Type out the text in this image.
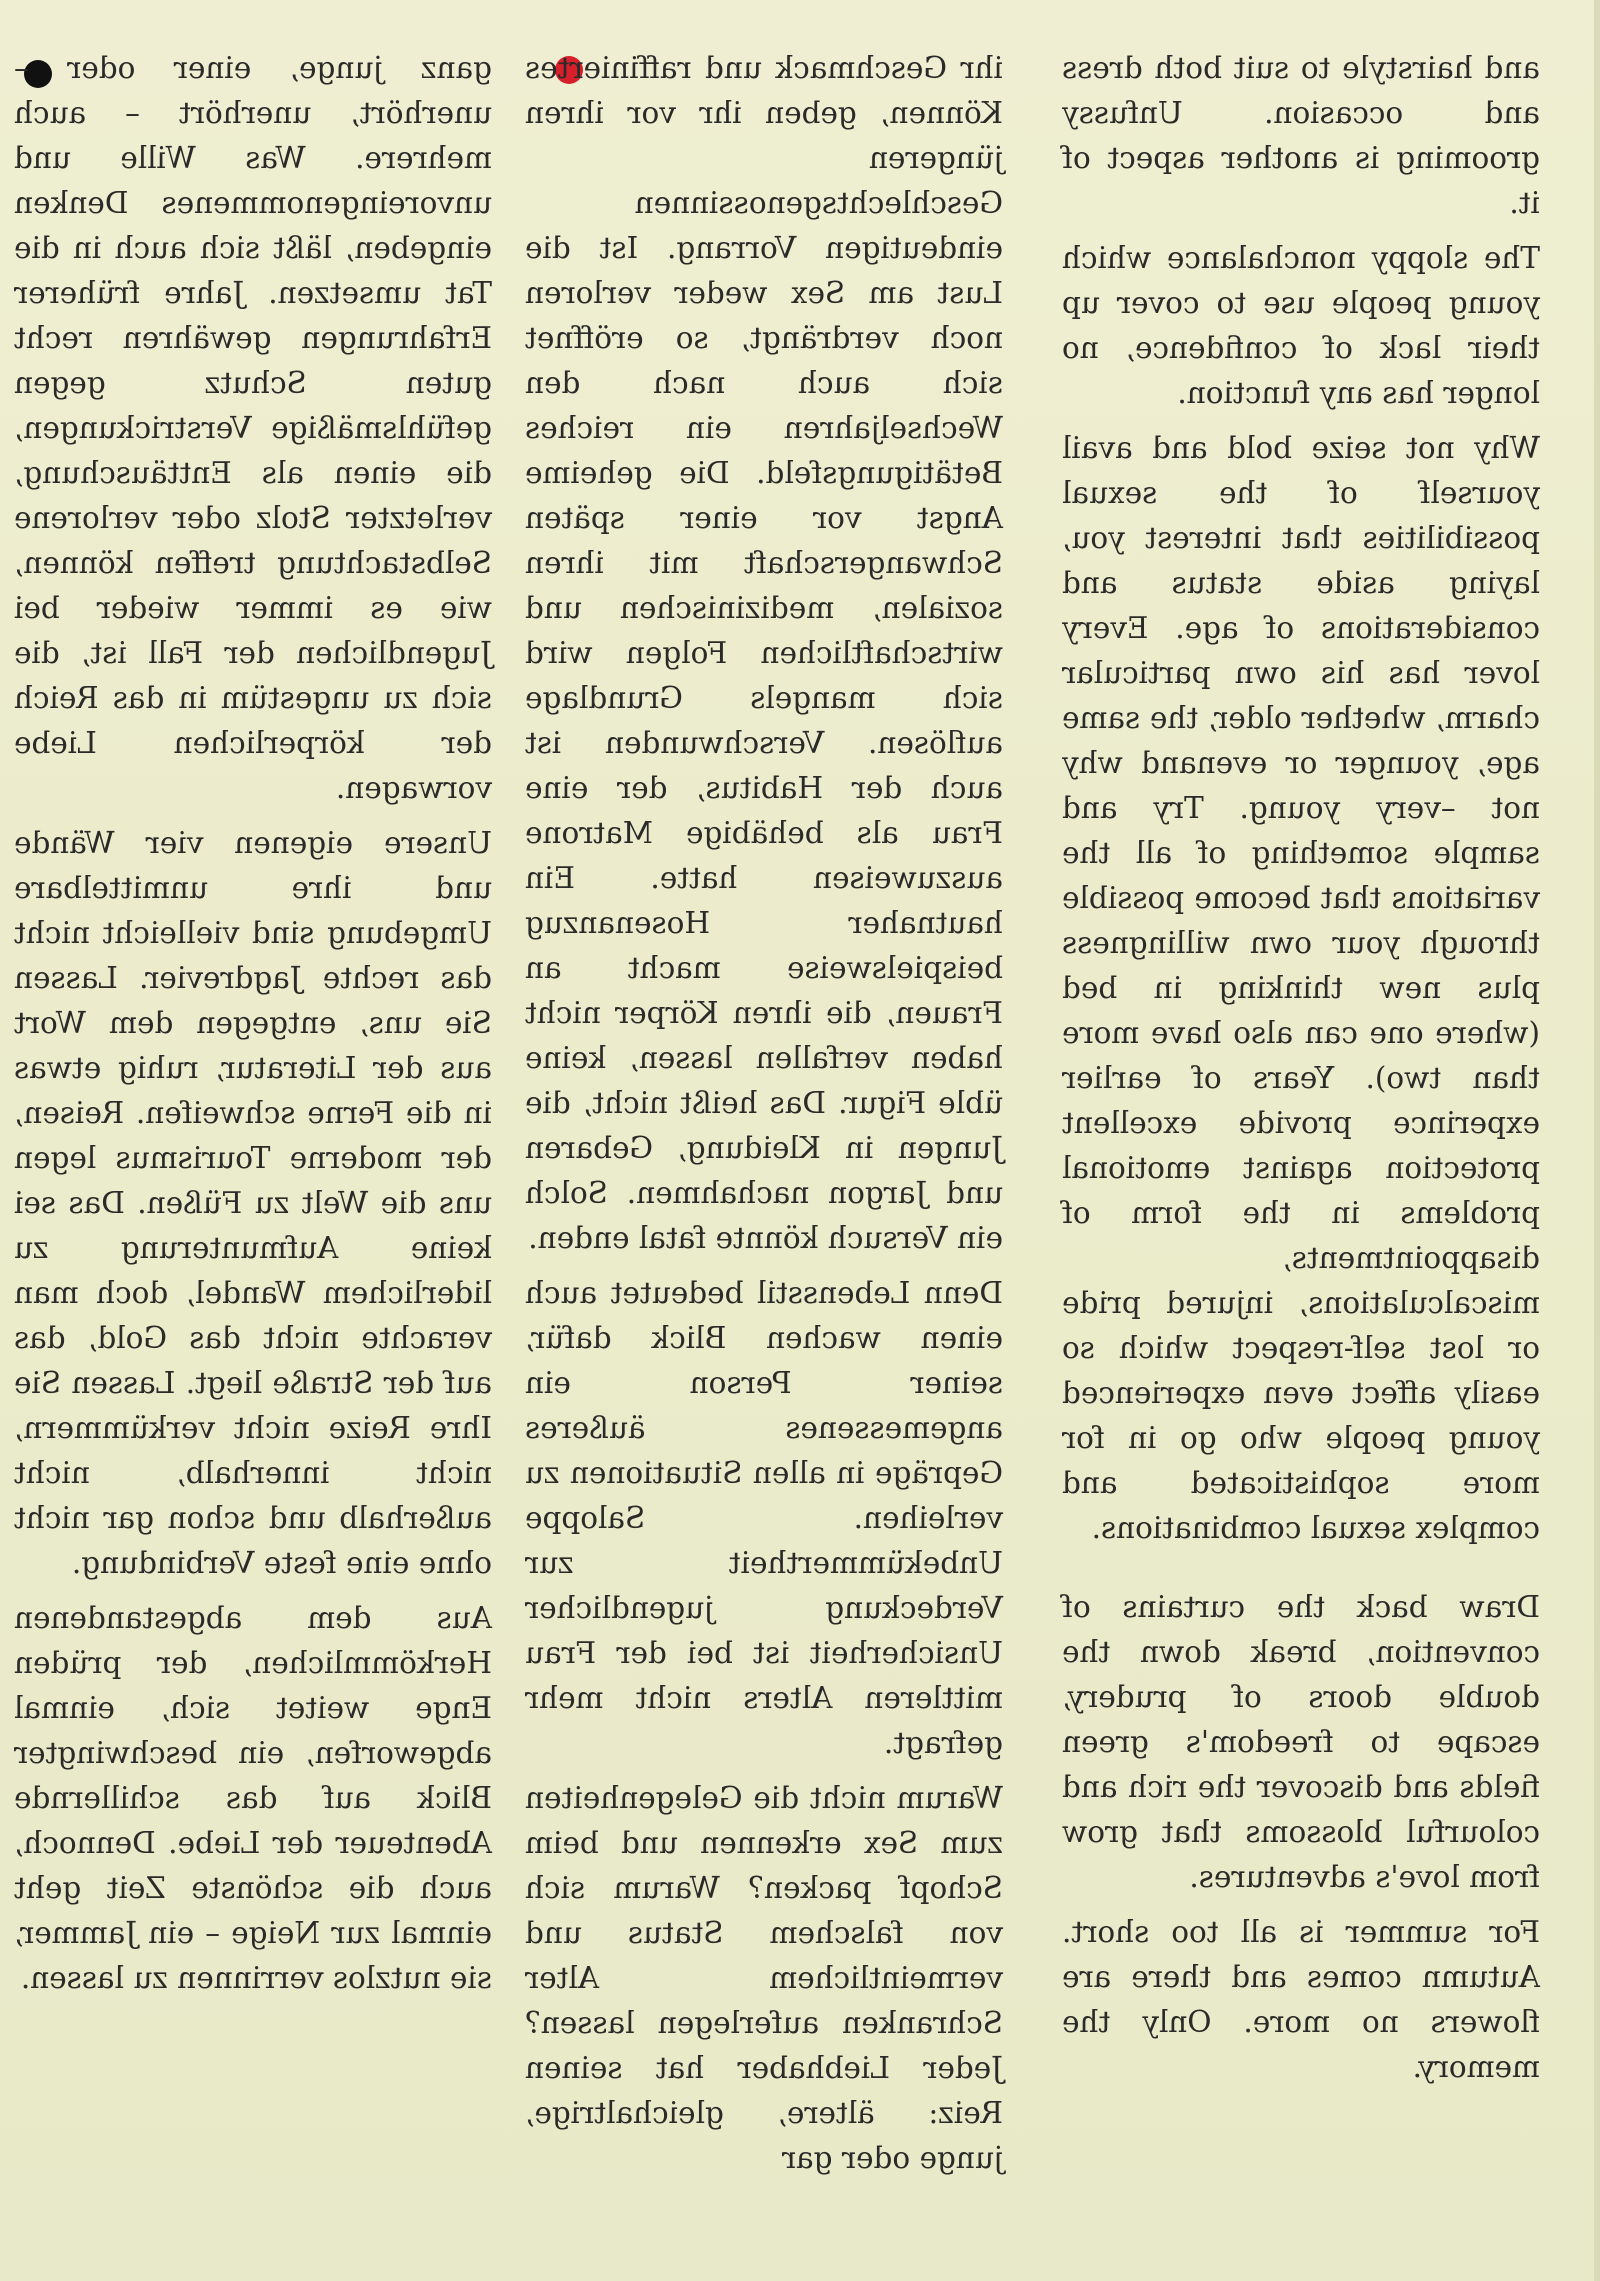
and hairstyle to suit both dress and occasion. Unfussy grooming is another aspect of it.

The sloppy nonchalance which young people use to cover up their lack of confidence, no longer has any function.

Why not seize bold and avail yourself of the sexual possibilities that interest you, laying aside status and considerations of age. Every lover has his own particular charm, whether older, the same age, younger or evenand why not –very young. Try and sample something of all the variations that become possible through your own willingness plus new thinking in bed (where one can also have more than two). Years of earlier experince provide excellent protection against emotional problems in the form of disappointments, miscalculations, injured pride or lost self-respect which so easily affect even experienced young people who go in for more sophisticated and complex sexual combinations.

Draw back the curtains of convention, break down the double doors of prudery, escape to freedom's green fields and discover the rich and colourful blossoms that grow from love's adventures.

For summer is all too short. Autumn comes and there are flowers no more. Only the memory.

ihr Geschmack und raffiniertes Können, geben ihr vor ihren jüngeren Geschlechtsgenossinnen eindeutigen Vorrang. Ist die Lust am Sex weder verloren noch verdrängt, so eröffnet sich auch nach den Wechseljahren ein reiches Betätigungsfeld. Die geheime Angst vor einer späten Schwangerschaft mit ihren sozialen, medizinischen und wirtschaftlichen Folgen wird sich mangels Grundlage auflösen. Verschwunden ist auch der Habitus, der eine Frau als behäbige Matrone auszuweisen hatte. Ein hautnaher Hosenanzug beispielsweise macht an Frauen, die ihren Körper nicht haben verfallen lassen, keine üble Figur. Das heißt nicht, die Jungen in Kleidung, Gebaren und Jargon nachahmen. Solch ein Versuch könnte fatal enden.

Denn Lebensstil bedeutet auch einen wachen Blick dafür, seiner Person ein angemessenes äußeres Gepräge in allen Situationen zu verleihen. Saloppe Unbekümmertheit zur Verdeckung jugendlicher Unsicherheit ist bei der Frau mittleren Alters nicht mehr gefragt.

Warum nicht die Gelegenheiten zum Sex erkennen und beim Schopf packen? Warum sich von falschem Status und vermeintlichem Alter Schranken auferlegen lassen? Jeder Liebhaber hat seinen Reiz: ältere, gleichaltrige, junge oder gar

ganz junge, einer oder – unerhört, unerhört – auch mehrere. Was Wille und unvoreingenommenes Denken eingeben, läßt sich auch in die Tat umsetzen. Jahre früherer Erfahrungen gewähren recht guten Schutz gegen gefühlsmäßige Verstrickungen, die einen als Enttäuschung, verletzter Stolz oder verlorene Selbstachtung treffen können, wie es immer wieder bei Jugendlichen der Fall ist, die sich zu ungestüm in das Reich der körperlichen Liebe vorwagen.

Unsere eigenen vier Wände und ihre unmittelbare Umgebung sind vielleicht nicht das rechte Jagdrevier. Lassen Sie uns, entgegen dem Wort aus der Literatur, ruhig etwas in die Ferne schweifen. Reisen, der moderne Tourismus legen uns die Welt zu Füßen. Das sei keine Aufmunterung zu liderlichem Wandel, doch man verachte nicht das Gold, das auf der Straße liegt. Lassen Sie Ihre Reize nicht verkümmern, nicht innerhalb, nicht außerhalb und schon gar nicht ohne eine feste Verbindung.

Aus dem abgestandenen Herkömmlichen, der prüden Enge weitet sich, einmal abgeworfen, ein beschwingter Blick auf das schillernde Abenteuer der Liebe. Dennoch, auch die schönste Zeit geht einmal zur Neige – ein Jammer, sie nutzlos verrinnen zu lassen.
